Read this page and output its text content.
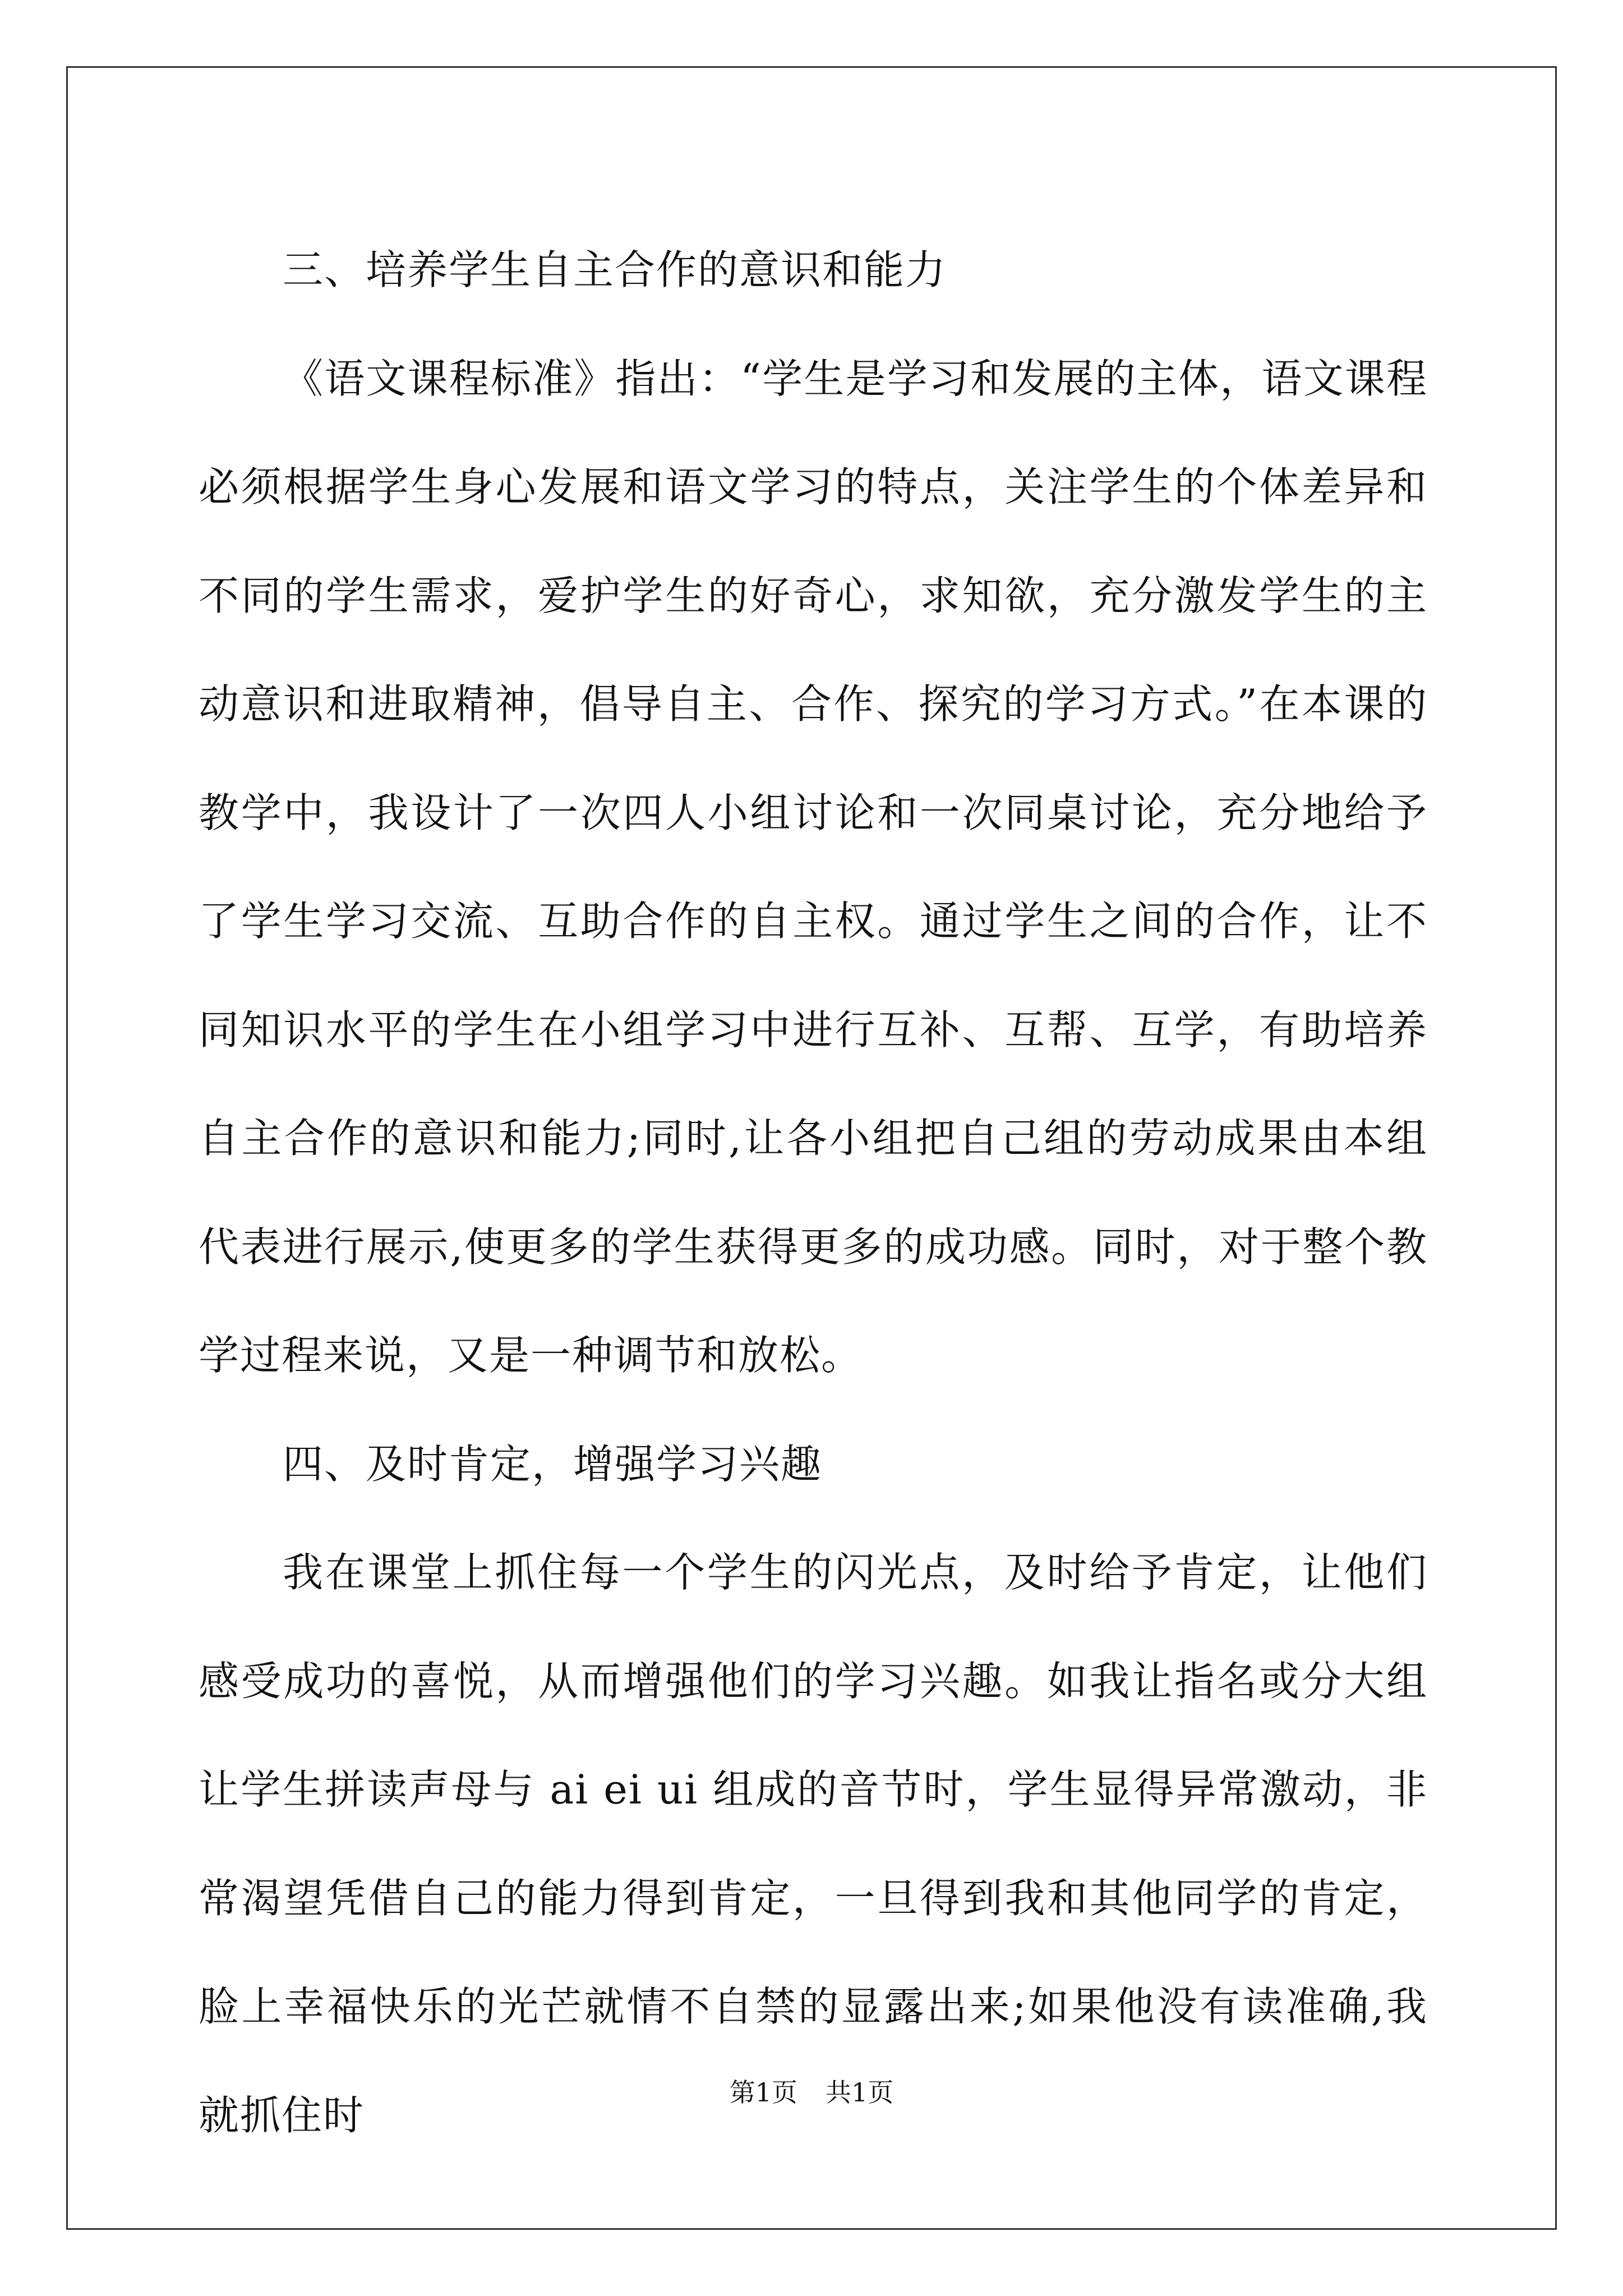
三、培养学生自主合作的意识和能力

《语文课程标准》指出：“学生是学习和发展的主体，语文课程必须根据学生身心发展和语文学习的特点，关注学生的个体差异和不同的学生需求，爱护学生的好奇心，求知欲，充分激发学生的主动意识和进取精神，倡导自主、合作、探究的学习方式。”在本课的教学中，我设计了一次四人小组讨论和一次同桌讨论，充分地给予了学生学习交流、互助合作的自主权。通过学生之间的合作，让不同知识水平的学生在小组学习中进行互补、互帮、互学，有助培养自主合作的意识和能力;同时,让各小组把自己组的劳动成果由本组代表进行展示,使更多的学生获得更多的成功感。同时，对于整个教学过程来说，又是一种调节和放松。

四、及时肯定，增强学习兴趣

我在课堂上抓住每一个学生的闪光点，及时给予肯定，让他们感受成功的喜悦，从而增强他们的学习兴趣。如我让指名或分大组让学生拼读声母与 ai ei ui 组成的音节时，学生显得异常激动，非常渴望凭借自己的能力得到肯定，一旦得到我和其他同学的肯定，脸上幸福快乐的光芒就情不自禁的显露出来;如果他没有读准确,我就抓住时	第1页 共1页
